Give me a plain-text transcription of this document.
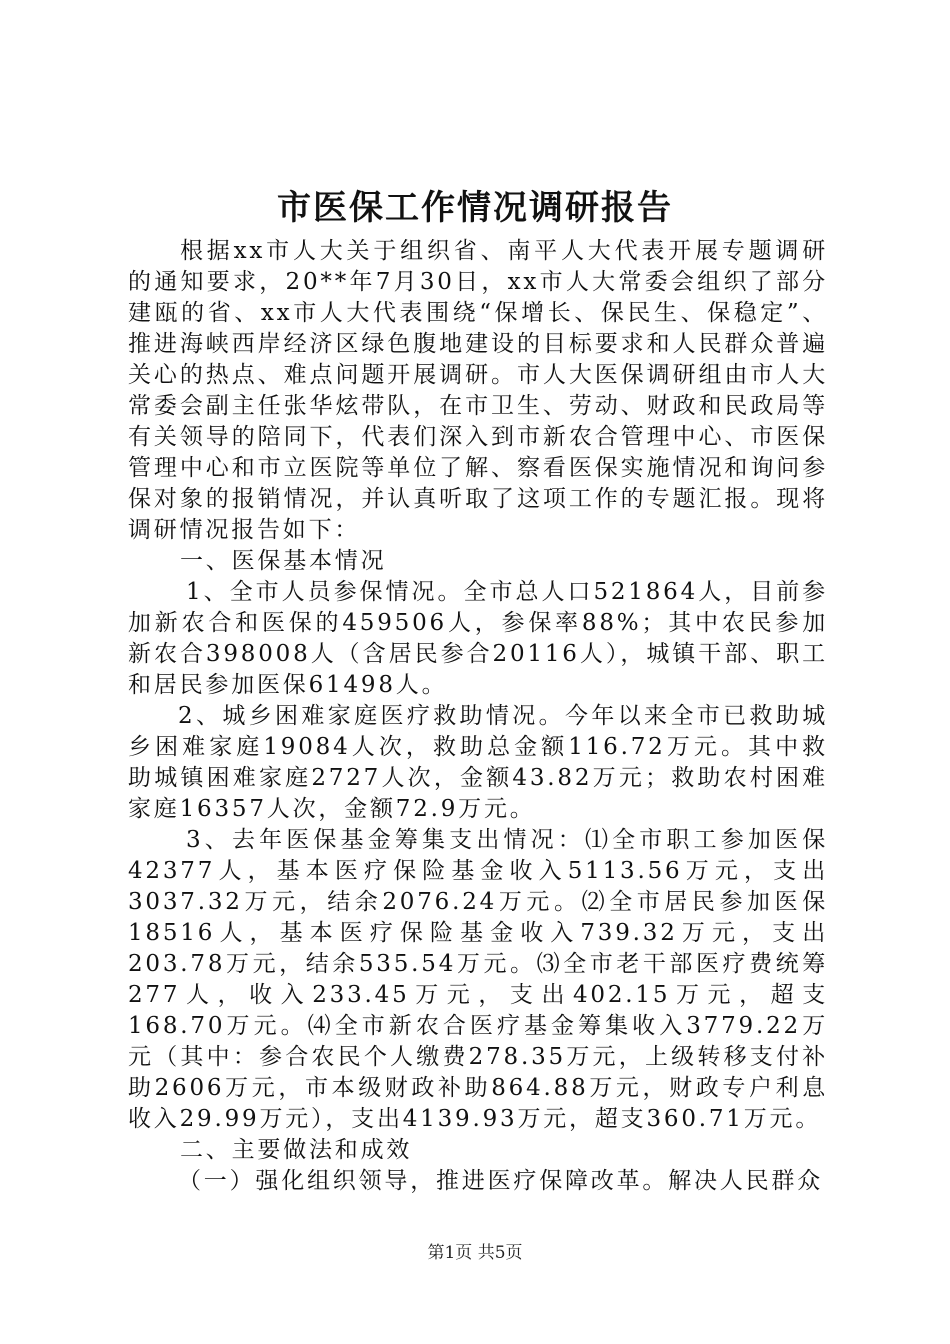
市医保工作情况调研报告

根据xx市人大关于组织省、南平人大代表开展专题调研的通知要求，20**年7月30日，xx市人大常委会组织了部分建瓯的省、xx市人大代表围绕“保增长、保民生、保稳定”、推进海峡西岸经济区绿色腹地建设的目标要求和人民群众普遍关心的热点、难点问题开展调研。市人大医保调研组由市人大常委会副主任张华炫带队，在市卫生、劳动、财政和民政局等有关领导的陪同下，代表们深入到市新农合管理中心、市医保管理中心和市立医院等单位了解、察看医保实施情况和询问参保对象的报销情况，并认真听取了这项工作的专题汇报。现将调研情况报告如下：

一、医保基本情况

1、全市人员参保情况。全市总人口521864人，目前参加新农合和医保的459506人，参保率88%；其中农民参加新农合398008人（含居民参合20116人），城镇干部、职工和居民参加医保61498人。

2、城乡困难家庭医疗救助情况。今年以来全市已救助城乡困难家庭19084人次，救助总金额116.72万元。其中救助城镇困难家庭2727人次，金额43.82万元；救助农村困难家庭16357人次，金额72.9万元。

3、去年医保基金筹集支出情况：⑴全市职工参加医保42377人，基本医疗保险基金收入5113.56万元，支出3037.32万元，结余2076.24万元。⑵全市居民参加医保18516人，基本医疗保险基金收入739.32万元，支出203.78万元，结余535.54万元。⑶全市老干部医疗费统筹277人，收入233.45万元，支出402.15万元，超支168.70万元。⑷全市新农合医疗基金筹集收入3779.22万元（其中：参合农民个人缴费278.35万元，上级转移支付补助2606万元，市本级财政补助864.88万元，财政专户利息收入29.99万元），支出4139.93万元，超支360.71万元。

二、主要做法和成效

（一）强化组织领导，推进医疗保障改革。解决人民群众

第1页 共5页
